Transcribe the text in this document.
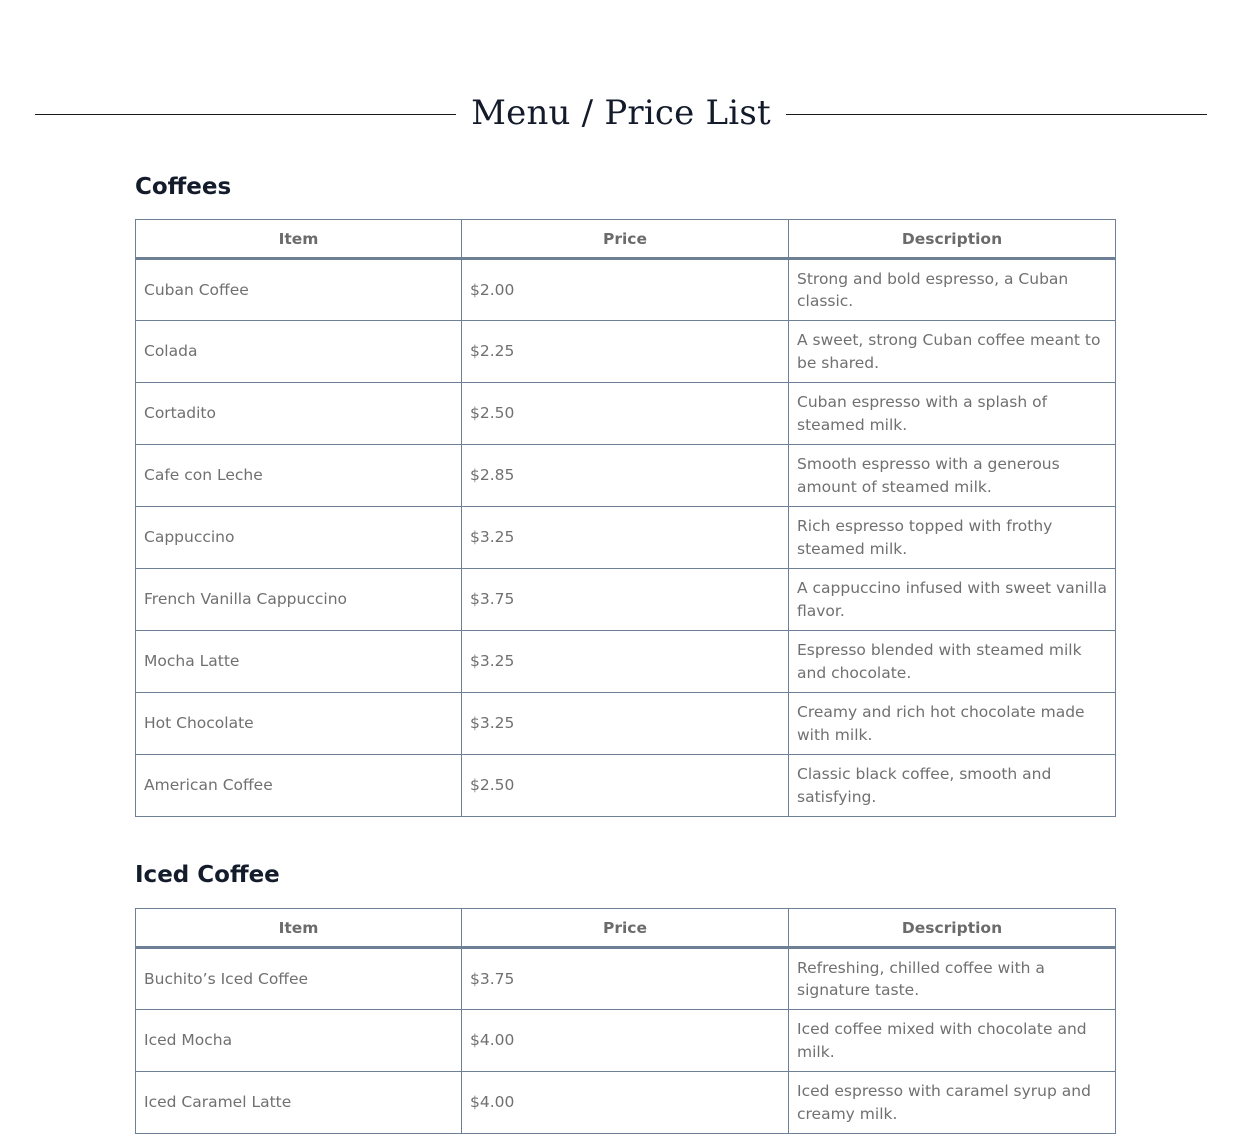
Menu / Price List
Coffees
Item	Price	Description
Cuban Coffee	$2.00	Strong and bold espresso, a Cuban classic.
Colada	$2.25	A sweet, strong Cuban coffee meant to be shared.
Cortadito	$2.50	Cuban espresso with a splash of steamed milk.
Cafe con Leche	$2.85	Smooth espresso with a generous amount of steamed milk.
Cappuccino	$3.25	Rich espresso topped with frothy steamed milk.
French Vanilla Cappuccino	$3.75	A cappuccino infused with sweet vanilla flavor.
Mocha Latte	$3.25	Espresso blended with steamed milk and chocolate.
Hot Chocolate	$3.25	Creamy and rich hot chocolate made with milk.
American Coffee	$2.50	Classic black coffee, smooth and satisfying.
Iced Coffee
Item	Price	Description
Buchito’s Iced Coffee	$3.75	Refreshing, chilled coffee with a signature taste.
Iced Mocha	$4.00	Iced coffee mixed with chocolate and milk.
Iced Caramel Latte	$4.00	Iced espresso with caramel syrup and creamy milk.
